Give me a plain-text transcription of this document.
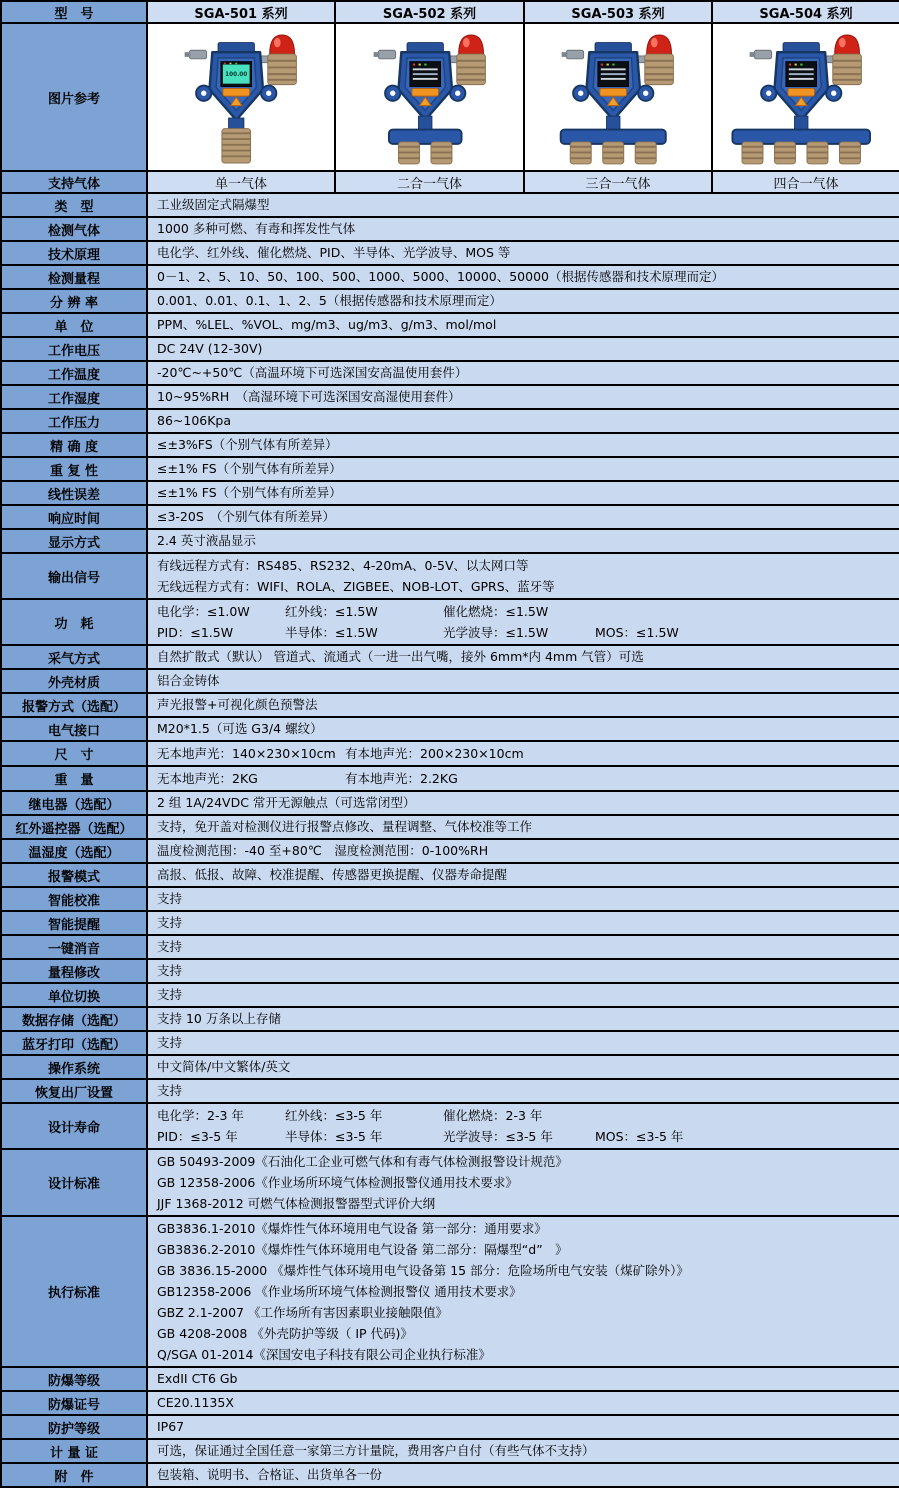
型　号	SGA-501 系列	SGA-502 系列	SGA-503 系列	SGA-504 系列
图片参考	100.00

支持气体	单一气体	二合一气体	三合一气体	四合一气体
类　型	工业级固定式隔爆型			
检测气体	1000 多种可燃、有毒和挥发性气体			
技术原理	电化学、红外线、催化燃烧、PID、半导体、光学波导、MOS 等			
检测量程	0－1、2、5、10、50、100、500、1000、5000、10000、50000（根据传感器和技术原理而定）			
分 辨 率	0.001、0.01、0.1、1、2、5（根据传感器和技术原理而定）			
单　位	PPM、%LEL、%VOL、mg/m3、ug/m3、g/m3、mol/mol			
工作电压	DC 24V (12-30V)			
工作温度	-20℃~+50℃（高温环境下可选深国安高温使用套件）			
工作湿度	10~95%RH　（高湿环境下可选深国安高湿使用套件）			
工作压力	86~106Kpa			
精 确 度	≤±3%FS（个别气体有所差异）			
重 复 性	≤±1% FS（个别气体有所差异）			
线性误差	≤±1% FS（个别气体有所差异）			
响应时间	≤3-20S　（个别气体有所差异）			
显示方式	2.4 英寸液晶显示			
输出信号	有线远程方式有：RS485、RS232、4-20mA、0-5V、以太网口等
无线远程方式有：WIFI、ROLA、ZIGBEE、NOB-LOT、GPRS、蓝牙等			

功　耗	电化学：≤1.0W 红外线：≤1.5W 催化燃烧：≤1.5W
PID：≤1.5W 半导体：≤1.5W 光学波导：≤1.5W MOS：≤1.5W			

采气方式	自然扩散式（默认） 管道式、流通式（一进一出气嘴，接外 6mm*内 4mm 气管）可选			
外壳材质	铝合金铸体			
报警方式（选配）	声光报警+可视化颜色预警法			
电气接口	M20*1.5（可选 G3/4 螺纹）			
尺　寸	无本地声光：140×230×10cm 有本地声光：200×230×10cm			

重　量	无本地声光：2KG 有本地声光：2.2KG			

继电器（选配）	2 组 1A/24VDC 常开无源触点（可选常闭型）			
红外遥控器（选配）	支持，免开盖对检测仪进行报警点修改、量程调整、气体校准等工作			
温湿度（选配）	温度检测范围：-40 至+80℃　湿度检测范围：0-100%RH			
报警模式	高报、低报、故障、校准提醒、传感器更换提醒、仪器寿命提醒			
智能校准	支持			
智能提醒	支持			
一键消音	支持			
量程修改	支持			
单位切换	支持			
数据存储（选配）	支持 10 万条以上存储			
蓝牙打印（选配）	支持			
操作系统	中文简体/中文繁体/英文			
恢复出厂设置	支持			
设计寿命	电化学：2-3 年 红外线：≤3-5 年 催化燃烧：2-3 年
PID：≤3-5 年 半导体：≤3-5 年 光学波导：≤3-5 年 MOS：≤3-5 年			

设计标准	GB 50493-2009《石油化工企业可燃气体和有毒气体检测报警设计规范》
GB 12358-2006《作业场所环境气体检测报警仪通用技术要求》
JJF 1368-2012 可燃气体检测报警器型式评价大纲			

执行标准	
GB3836.1-2010《爆炸性气体环境用电气设备 第一部分：通用要求》
GB3836.2-2010《爆炸性气体环境用电气设备 第二部分：隔爆型“d”　》
GB 3836.15-2000 《爆炸性气体环境用电气设备第 15 部分：危险场所电气安装（煤矿除外）》
GB12358-2006 《作业场所环境气体检测报警仪 通用技术要求》
GBZ 2.1-2007 《工作场所有害因素职业接触限值》
GB 4208-2008 《外壳防护等级（ IP 代码)》
Q/SGA 01-2014《深国安电子科技有限公司企业执行标准》

防爆等级	ExdII CT6 Gb			
防爆证号	CE20.1135X			
防护等级	IP67			
计 量 证	可选，保证通过全国任意一家第三方计量院，费用客户自付（有些气体不支持）			
附　件	包装箱、说明书、合格证、出货单各一份			
